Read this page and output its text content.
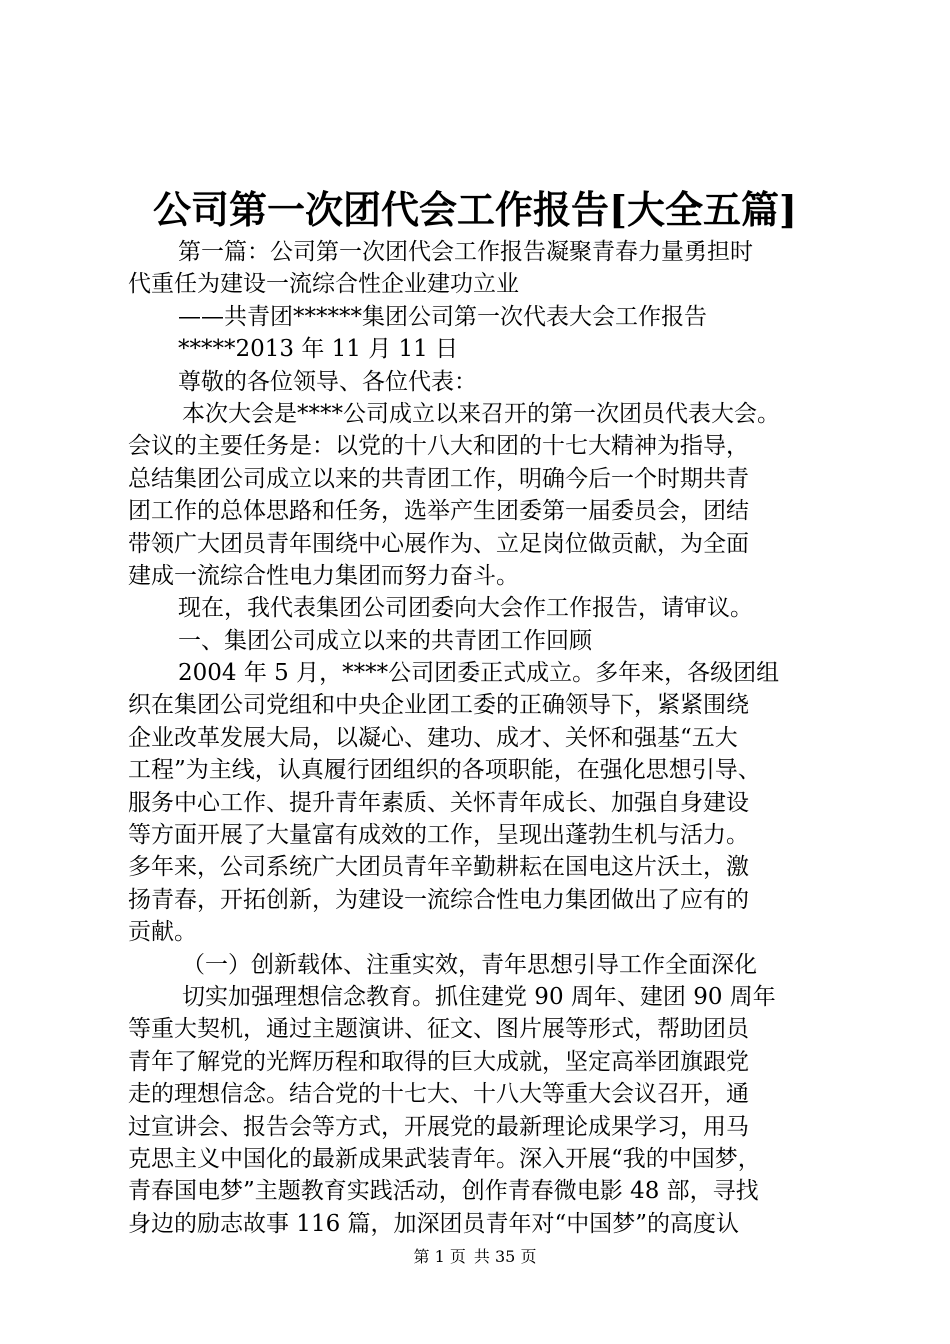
公司第一次团代会工作报告[大全五篇]
第一篇：公司第一次团代会工作报告凝聚青春力量勇担时
代重任为建设一流综合性企业建功立业
——共青团******集团公司第一次代表大会工作报告
*****2013 年 11 月 11 日
尊敬的各位领导、各位代表：
本次大会是****公司成立以来召开的第一次团员代表大会。
会议的主要任务是：以党的十八大和团的十七大精神为指导，
总结集团公司成立以来的共青团工作，明确今后一个时期共青
团工作的总体思路和任务，选举产生团委第一届委员会，团结
带领广大团员青年围绕中心展作为、立足岗位做贡献，为全面
建成一流综合性电力集团而努力奋斗。
现在，我代表集团公司团委向大会作工作报告，请审议。
一、集团公司成立以来的共青团工作回顾
2004 年 5 月，****公司团委正式成立。多年来，各级团组
织在集团公司党组和中央企业团工委的正确领导下，紧紧围绕
企业改革发展大局，以凝心、建功、成才、关怀和强基“五大
工程”为主线，认真履行团组织的各项职能，在强化思想引导、
服务中心工作、提升青年素质、关怀青年成长、加强自身建设
等方面开展了大量富有成效的工作，呈现出蓬勃生机与活力。
多年来，公司系统广大团员青年辛勤耕耘在国电这片沃土，激
扬青春，开拓创新，为建设一流综合性电力集团做出了应有的
贡献。
（一）创新载体、注重实效，青年思想引导工作全面深化
切实加强理想信念教育。抓住建党 90 周年、建团 90 周年
等重大契机，通过主题演讲、征文、图片展等形式，帮助团员
青年了解党的光辉历程和取得的巨大成就，坚定高举团旗跟党
走的理想信念。结合党的十七大、十八大等重大会议召开，通
过宣讲会、报告会等方式，开展党的最新理论成果学习，用马
克思主义中国化的最新成果武装青年。深入开展“我的中国梦，
青春国电梦”主题教育实践活动，创作青春微电影 48 部，寻找
身边的励志故事 116 篇，加深团员青年对“中国梦”的高度认
第 1 页 共 35 页
